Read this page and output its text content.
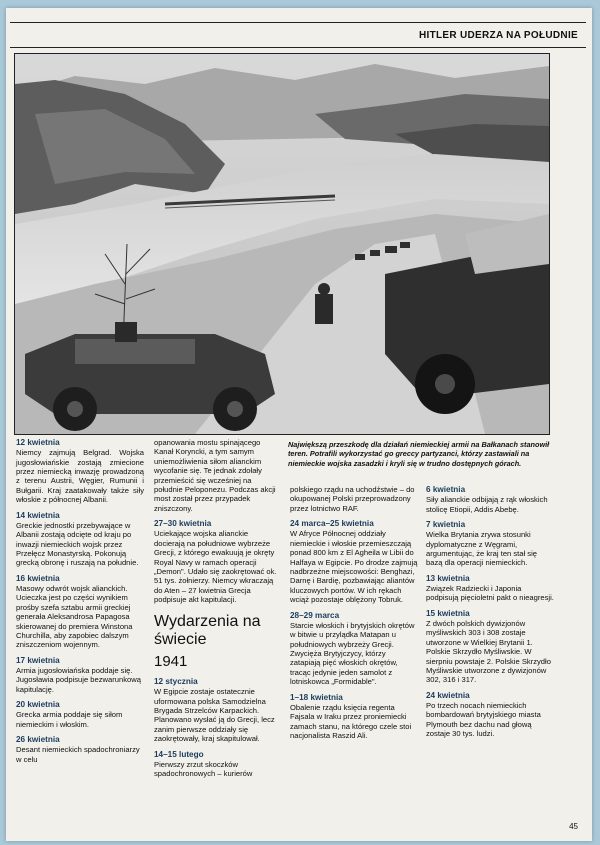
HITLER UDERZA NA POŁUDNIE
Największą przeszkodę dla działań niemieckiej armii na Bałkanach stanowił teren. Potrafili wykorzystać go greccy partyzanci, którzy zastawiali na niemieckie wojska zasadzki i kryli się w trudno dostępnych górach.
12 kwietnia
Niemcy zajmują Belgrad. Wojska jugosłowiańskie zostają zmiecione przez niemiecką inwazję prowadzoną z terenu Austrii, Węgier, Rumunii i Bułgarii. Kraj zaatakowały także siły włoskie z północnej Albanii.
14 kwietnia
Greckie jednostki przebywające w Albanii zostają odcięte od kraju po inwazji niemieckich wojsk przez Przełęcz Monastyrską. Pokonują grecką obronę i ruszają na południe.
16 kwietnia
Masowy odwrót wojsk alianckich. Ucieczka jest po części wynikiem prośby szefa sztabu armii greckiej generała Aleksandrosa Papagosa skierowanej do premiera Winstona Churchilla, aby zapobiec dalszym zniszczeniom wojennym.
17 kwietnia
Armia jugosłowiańska poddaje się. Jugosławia podpisuje bezwarunkową kapitulację.
20 kwietnia
Grecka armia poddaje się siłom niemieckim i włoskim.
26 kwietnia
Desant niemieckich spadochroniarzy w celu
opanowania mostu spinającego Kanał Koryncki, a tym samym uniemożliwienia siłom alianckim wycofanie się. Te jednak zdołały przemieścić się wcześniej na południe Peloponezu. Podczas akcji most został przez przypadek zniszczony.
27–30 kwietnia
Uciekające wojska alianckie docierają na południowe wybrzeże Grecji, z którego ewakuują je okręty Royal Navy w ramach operacji „Demon". Udało się zaokrętować ok. 51 tys. żołnierzy. Niemcy wkraczają do Aten – 27 kwietnia Grecja podpisuje akt kapitulacji.
Wydarzenia na świecie
1941
12 stycznia
W Egipcie zostaje ostatecznie uformowana polska Samodzielna Brygada Strzelców Karpackich. Planowano wysłać ją do Grecji, lecz zanim pierwsze oddziały się zaokrętowały, kraj skapitulował.
14–15 lutego
Pierwszy zrzut skoczków spadochronowych – kurierów
polskiego rządu na uchodźstwie – do okupowanej Polski przeprowadzony przez lotnictwo RAF.
24 marca–25 kwietnia
W Afryce Północnej oddziały niemieckie i włoskie przemieszczają ponad 800 km z El Agheila w Libii do Halfaya w Egipcie. Po drodze zajmują nadbrzeżne miejscowości: Benghazi, Darnę i Bardię, pozbawiając aliantów kluczowych portów. W ich rękach wciąż pozostaje oblężony Tobruk.
28–29 marca
Starcie włoskich i brytyjskich okrętów w bitwie u przylądka Matapan u południowych wybrzeży Grecji. Zwycięża Brytyjczycy, którzy zatapiają pięć włoskich okrętów, tracąc jedynie jeden samolot z lotniskowca „Formidable".
1–18 kwietnia
Obalenie rządu księcia regenta Fajsala w Iraku przez proniemiecki zamach stanu, na którego czele stoi nacjonalista Raszid Ali.
6 kwietnia
Siły alianckie odbijają z rąk włoskich stolicę Etiopii, Addis Abebę.
7 kwietnia
Wielka Brytania zrywa stosunki dyplomatyczne z Węgrami, argumentując, że kraj ten stał się bazą dla operacji niemieckich.
13 kwietnia
Związek Radziecki i Japonia podpisują pięcioletni pakt o nieagresji.
15 kwietnia
Z dwóch polskich dywizjonów myśliwskich 303 i 308 zostaje utworzone w Wielkiej Brytanii 1. Polskie Skrzydło Myśliwskie. W sierpniu powstaje 2. Polskie Skrzydło Myśliwskie utworzone z dywizjonów 302, 316 i 317.
24 kwietnia
Po trzech nocach niemieckich bombardowań brytyjskiego miasta Plymouth bez dachu nad głową zostaje 30 tys. ludzi.
45
